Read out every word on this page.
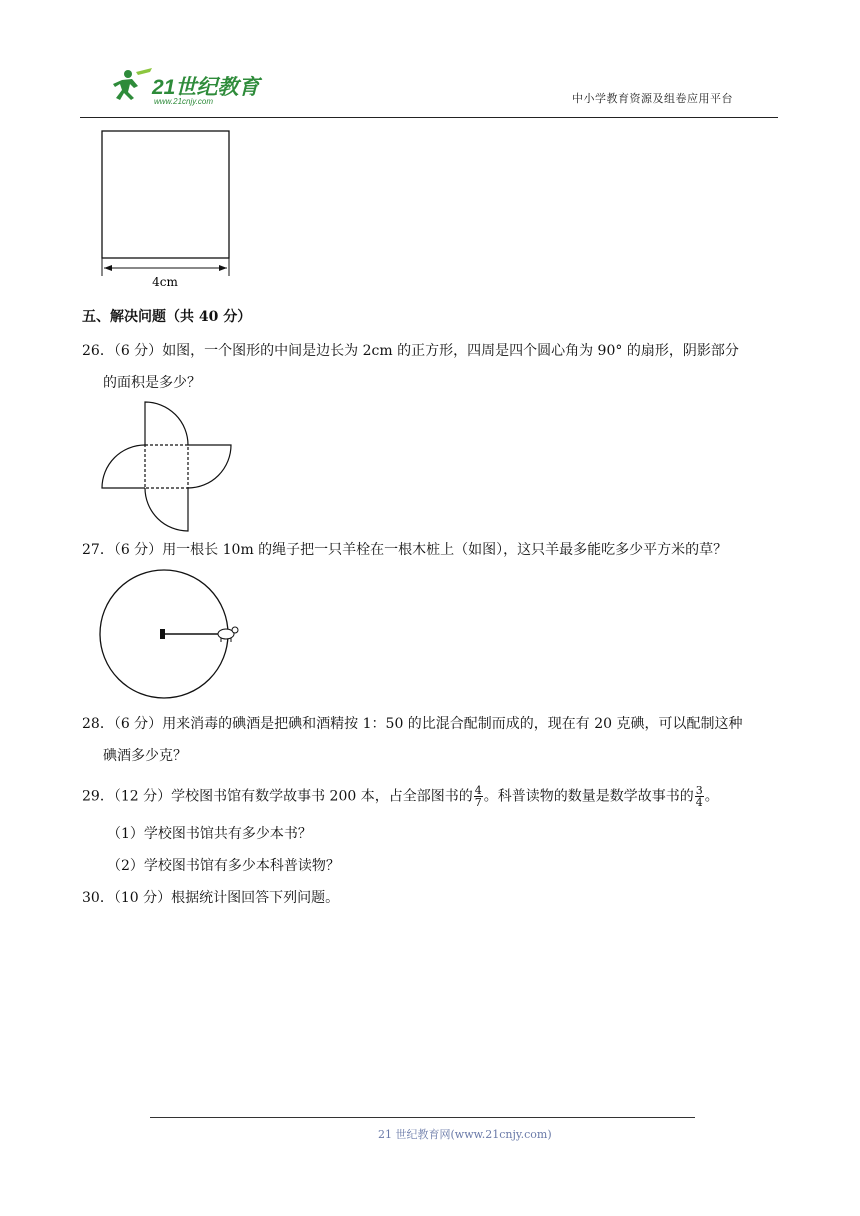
21世纪教育
www.21cnjy.com	中小学教育资源及组卷应用平台
4cm
五、解决问题（共 40 分）
26．（6 分）如图，一个图形的中间是边长为 2cm 的正方形，四周是四个圆心角为 90° 的扇形，阴影部分
的面积是多少？
27．（6 分）用一根长 10m 的绳子把一只羊栓在一根木桩上（如图），这只羊最多能吃多少平方米的草？
28．（6 分）用来消毒的碘酒是把碘和酒精按 1：50 的比混合配制而成的，现在有 20 克碘，可以配制这种
碘酒多少克？
29．（12 分）学校图书馆有数学故事书 200 本，占全部图书的 $\frac{4}{7}$ 。科普读物的数量是数学故事书的 $\frac{3}{4}$ 。
（1）学校图书馆共有多少本书？
（2）学校图书馆有多少本科普读物？
30．（10 分）根据统计图回答下列问题。
21 世纪教育网(www.21cnjy.com)
